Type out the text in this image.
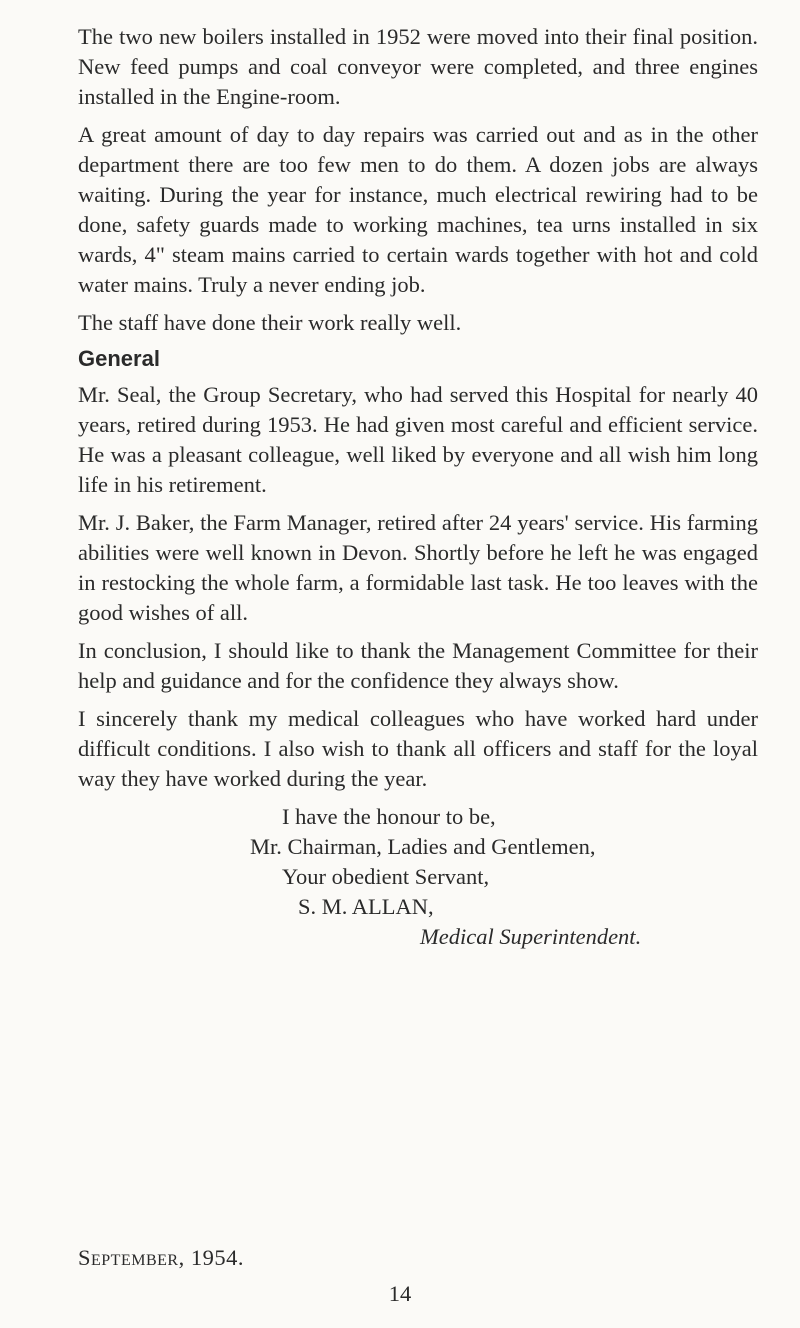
The two new boilers installed in 1952 were moved into their final position. New feed pumps and coal conveyor were completed, and three engines installed in the Engine-room.

A great amount of day to day repairs was carried out and as in the other department there are too few men to do them. A dozen jobs are always waiting. During the year for instance, much electrical rewiring had to be done, safety guards made to working machines, tea urns installed in six wards, 4" steam mains carried to certain wards together with hot and cold water mains. Truly a never ending job.

The staff have done their work really well.

General

Mr. Seal, the Group Secretary, who had served this Hospital for nearly 40 years, retired during 1953. He had given most careful and efficient service. He was a pleasant colleague, well liked by everyone and all wish him long life in his retirement.

Mr. J. Baker, the Farm Manager, retired after 24 years' service. His farming abilities were well known in Devon. Shortly before he left he was engaged in restocking the whole farm, a formidable last task. He too leaves with the good wishes of all.

In conclusion, I should like to thank the Management Committee for their help and guidance and for the confidence they always show.

I sincerely thank my medical colleagues who have worked hard under difficult conditions. I also wish to thank all officers and staff for the loyal way they have worked during the year.

I have the honour to be,
Mr. Chairman, Ladies and Gentlemen,
Your obedient Servant,
S. M. ALLAN,
Medical Superintendent.
September, 1954.
14
